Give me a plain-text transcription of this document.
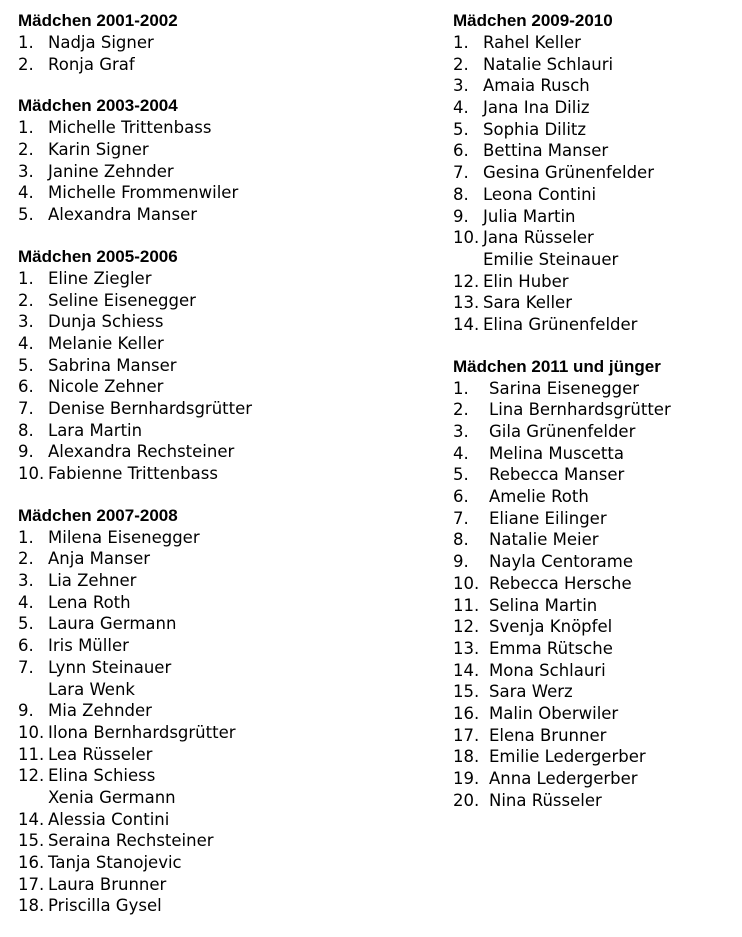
Mädchen 2001-2002
1. Nadja Signer
2. Ronja Graf
Mädchen 2003-2004
1. Michelle Trittenbass
2. Karin Signer
3. Janine Zehnder
4. Michelle Frommenwiler
5. Alexandra Manser
Mädchen 2005-2006
1. Eline Ziegler
2. Seline Eisenegger
3. Dunja Schiess
4. Melanie Keller
5. Sabrina Manser
6. Nicole Zehner
7. Denise Bernhardsgrütter
8. Lara Martin
9. Alexandra Rechsteiner
10. Fabienne Trittenbass
Mädchen 2007-2008
1. Milena Eisenegger
2. Anja Manser
3. Lia Zehner
4. Lena Roth
5. Laura Germann
6. Iris Müller
7. Lynn Steinauer
Lara Wenk
9. Mia Zehnder
10. Ilona Bernhardsgrütter
11. Lea Rüsseler
12. Elina Schiess
Xenia Germann
14. Alessia Contini
15. Seraina Rechsteiner
16. Tanja Stanojevic
17. Laura Brunner
18. Priscilla Gysel
Mädchen 2009-2010
1. Rahel Keller
2. Natalie Schlauri
3. Amaia Rusch
4. Jana Ina Diliz
5. Sophia Dilitz
6. Bettina Manser
7. Gesina Grünenfelder
8. Leona Contini
9. Julia Martin
10. Jana Rüsseler
Emilie Steinauer
12. Elin Huber
13. Sara Keller
14. Elina Grünenfelder
Mädchen 2011 und jünger
1.	Sarina Eisenegger
2.	Lina Bernhardsgrütter
3.	Gila Grünenfelder
4.	Melina Muscetta
5.	Rebecca Manser
6.	Amelie Roth
7.	Eliane Eilinger
8.	Natalie Meier
9.	Nayla Centorame
10. Rebecca Hersche
11. Selina Martin
12. Svenja Knöpfel
13. Emma Rütsche
14. Mona Schlauri
15. Sara Werz
16. Malin Oberwiler
17. Elena Brunner
18. Emilie Ledergerber
19. Anna Ledergerber
20. Nina Rüsseler
